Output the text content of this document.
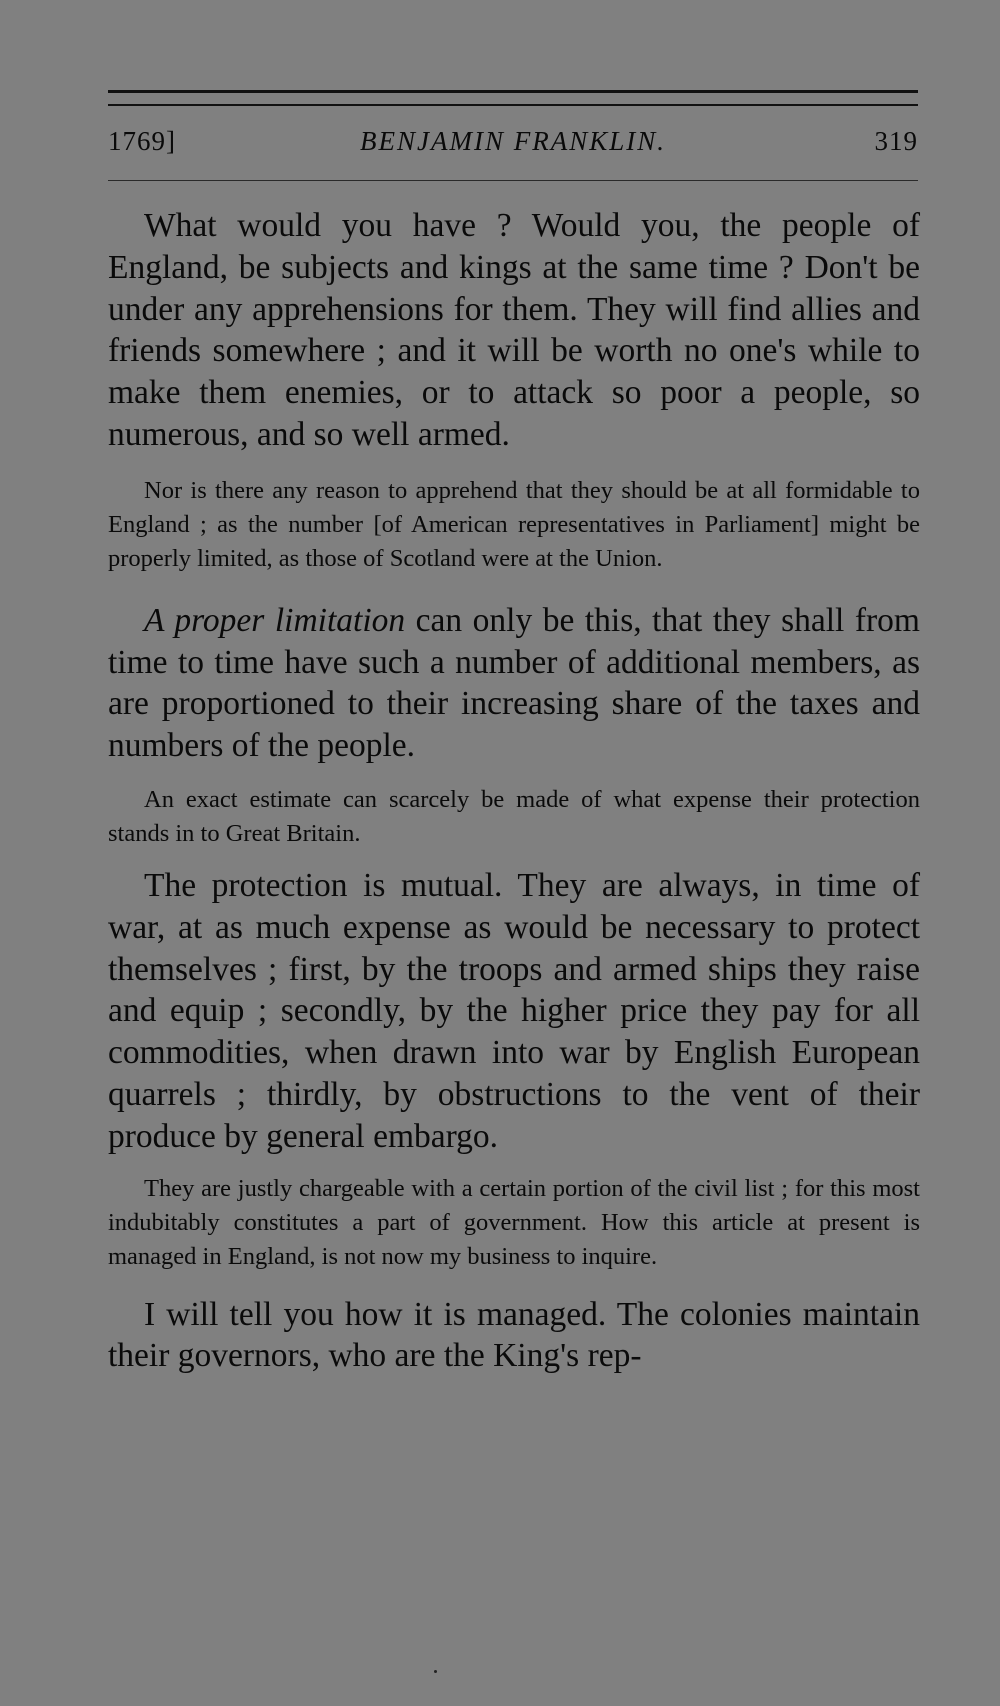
1769]	BENJAMIN FRANKLIN.	319

What would you have ? Would you, the people of England, be subjects and kings at the same time ? Don't be under any apprehensions for them. They will find allies and friends somewhere ; and it will be worth no one's while to make them enemies, or to attack so poor a people, so numerous, and so well armed.

Nor is there any reason to apprehend that they should be at all formidable to England ; as the number [of American representatives in Parliament] might be properly limited, as those of Scotland were at the Union.

A proper limitation can only be this, that they shall from time to time have such a number of additional members, as are proportioned to their increasing share of the taxes and numbers of the people.

An exact estimate can scarcely be made of what expense their protection stands in to Great Britain.

The protection is mutual. They are always, in time of war, at as much expense as would be necessary to protect themselves ; first, by the troops and armed ships they raise and equip ; secondly, by the higher price they pay for all commodities, when drawn into war by English European quarrels ; thirdly, by obstructions to the vent of their produce by general embargo.

They are justly chargeable with a certain portion of the civil list ; for this most indubitably constitutes a part of government. How this article at present is managed in England, is not now my business to inquire.

I will tell you how it is managed. The colonies maintain their governors, who are the King's rep-
